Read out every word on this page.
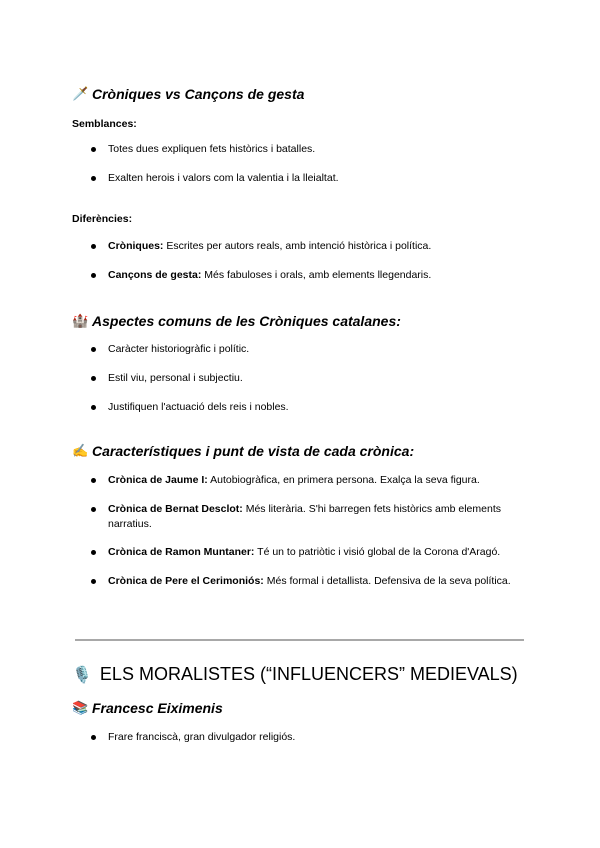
🗡️ Cròniques vs Cançons de gesta
Semblances:
Totes dues expliquen fets històrics i batalles.
Exalten herois i valors com la valentia i la lleialtat.
Diferències:
Cròniques: Escrites per autors reals, amb intenció històrica i política.
Cançons de gesta: Més fabuloses i orals, amb elements llegendaris.
🏰 Aspectes comuns de les Cròniques catalanes:
Caràcter historiogràfic i polític.
Estil viu, personal i subjectiu.
Justifiquen l'actuació dels reis i nobles.
✍️ Característiques i punt de vista de cada crònica:
Crònica de Jaume I: Autobiogràfica, en primera persona. Exalça la seva figura.
Crònica de Bernat Desclot: Més literària. S'hi barregen fets històrics amb elements narratius.
Crònica de Ramon Muntaner: Té un to patriòtic i visió global de la Corona d'Aragó.
Crònica de Pere el Cerimoniós: Més formal i detallista. Defensiva de la seva política.
🎙️ ELS MORALISTES (“INFLUENCERS” MEDIEVALS)
📚 Francesc Eiximenis
Frare franciscà, gran divulgador religiós.
